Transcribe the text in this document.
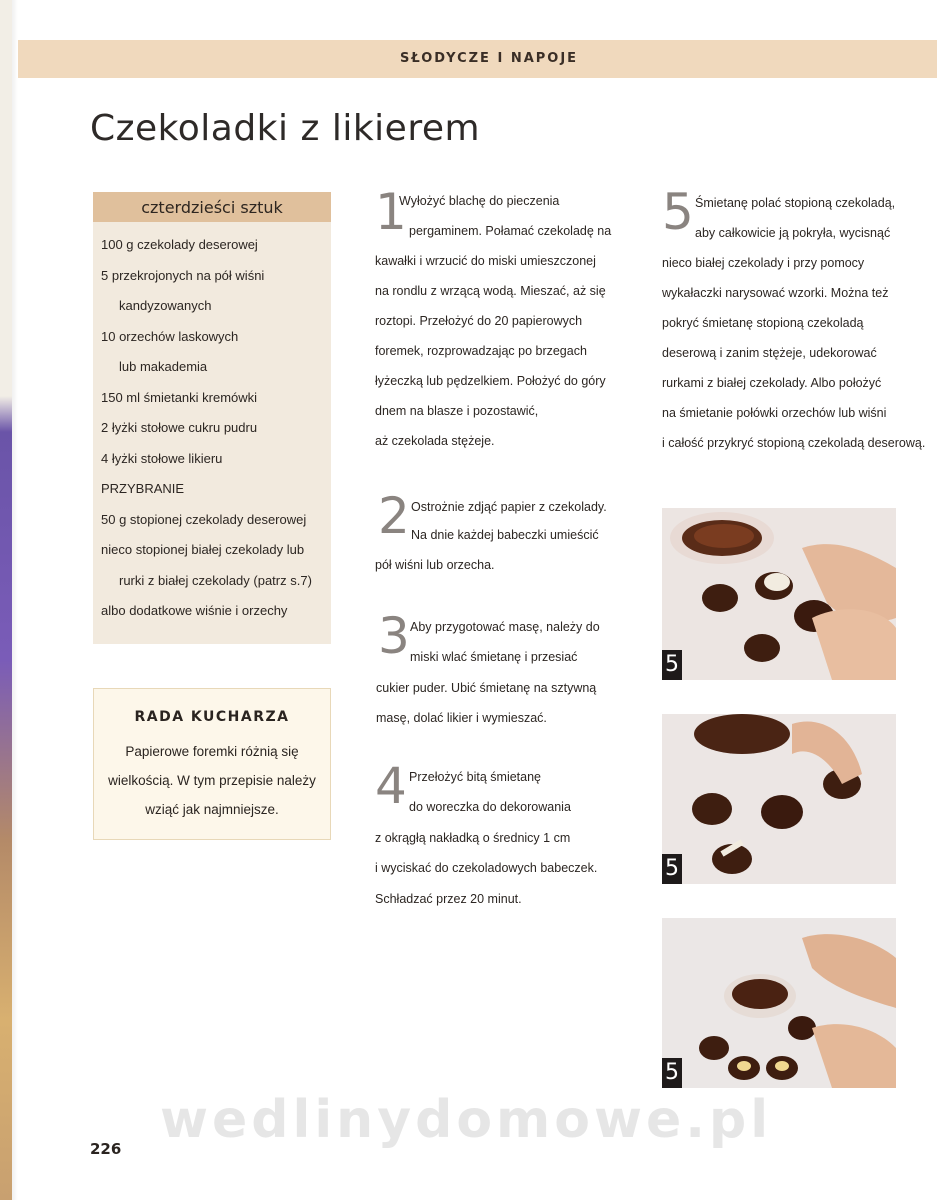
SŁODYCZE I NAPOJE
Czekoladki z likierem
czterdzieści sztuk
100 g czekolady deserowej
5 przekrojonych na pół wiśni
kandyzowanych
10 orzechów laskowych
lub makademia
150 ml śmietanki kremówki
2 łyżki stołowe cukru pudru
4 łyżki stołowe likieru
PRZYBRANIE
50 g stopionej czekolady deserowej
nieco stopionej białej czekolady lub
rurki z białej czekolady (patrz s.7)
albo dodatkowe wiśnie i orzechy
RADA KUCHARZA

Papierowe foremki różnią się
wielkością. W tym przepisie należy
wziąć jak najmniejsze.

1
Wyłożyć blachę do pieczenia
pergaminem. Połamać czekoladę na
kawałki i wrzucić do miski umieszczonej
na rondlu z wrzącą wodą. Mieszać, aż się
roztopi. Przełożyć do 20 papierowych
foremek, rozprowadzając po brzegach
łyżeczką lub pędzelkiem. Położyć do góry
dnem na blasze i pozostawić,
aż czekolada stężeje.
2 Ostrożnie zdjąć papier z czekolady.
Na dnie każdej babeczki umieścić
pół wiśni lub orzecha.
3 Aby przygotować masę, należy do
miski wlać śmietanę i przesiać
cukier puder. Ubić śmietanę na sztywną
masę, dolać likier i wymieszać.
4 Przełożyć bitą śmietanę
do woreczka do dekorowania
z okrągłą nakładką o średnicy 1 cm
i wyciskać do czekoladowych babeczek.
Schładzać przez 20 minut.
5 Śmietanę polać stopioną czekoladą,
aby całkowicie ją pokryła, wycisnąć
nieco białej czekolady i przy pomocy
wykałaczki narysować wzorki. Można też
pokryć śmietanę stopioną czekoladą
deserową i zanim stężeje, udekorować
rurkami z białej czekolady. Albo położyć
na śmietanie połówki orzechów lub wiśni
i całość przykryć stopioną czekoladą deserową.
5
5
5
wedlinydomowe.pl
226
